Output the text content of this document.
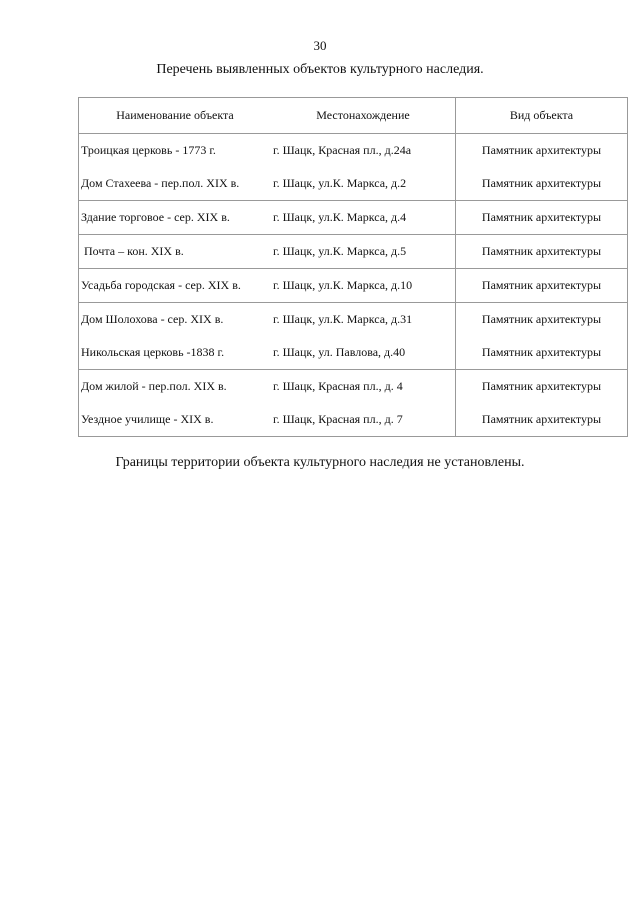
30
Перечень выявленных объектов культурного наследия.
Наименование объекта	Местонахождение	Вид объекта
Троицкая церковь - 1773 г.	г. Шацк, Красная пл., д.24а	Памятник архитектуры
Дом Стахеева - пер.пол. XIX в.	г. Шацк, ул.К. Маркса, д.2	Памятник архитектуры
Здание торговое - сер. XIX в.	г. Шацк, ул.К. Маркса, д.4	Памятник архитектуры
Почта – кон. XIX в.	г. Шацк, ул.К. Маркса, д.5	Памятник архитектуры
Усадьба городская - сер. XIX в.	г. Шацк, ул.К. Маркса, д.10	Памятник архитектуры
Дом Шолохова - сер. XIX в.	г. Шацк, ул.К. Маркса, д.31	Памятник архитектуры
Никольская церковь -1838 г.	г. Шацк, ул. Павлова, д.40	Памятник архитектуры
Дом жилой - пер.пол. XIX в.	г. Шацк, Красная пл., д. 4	Памятник архитектуры
Уездное училище - XIX в.	г. Шацк, Красная пл., д. 7	Памятник архитектуры
Границы территории объекта культурного наследия не установлены.
